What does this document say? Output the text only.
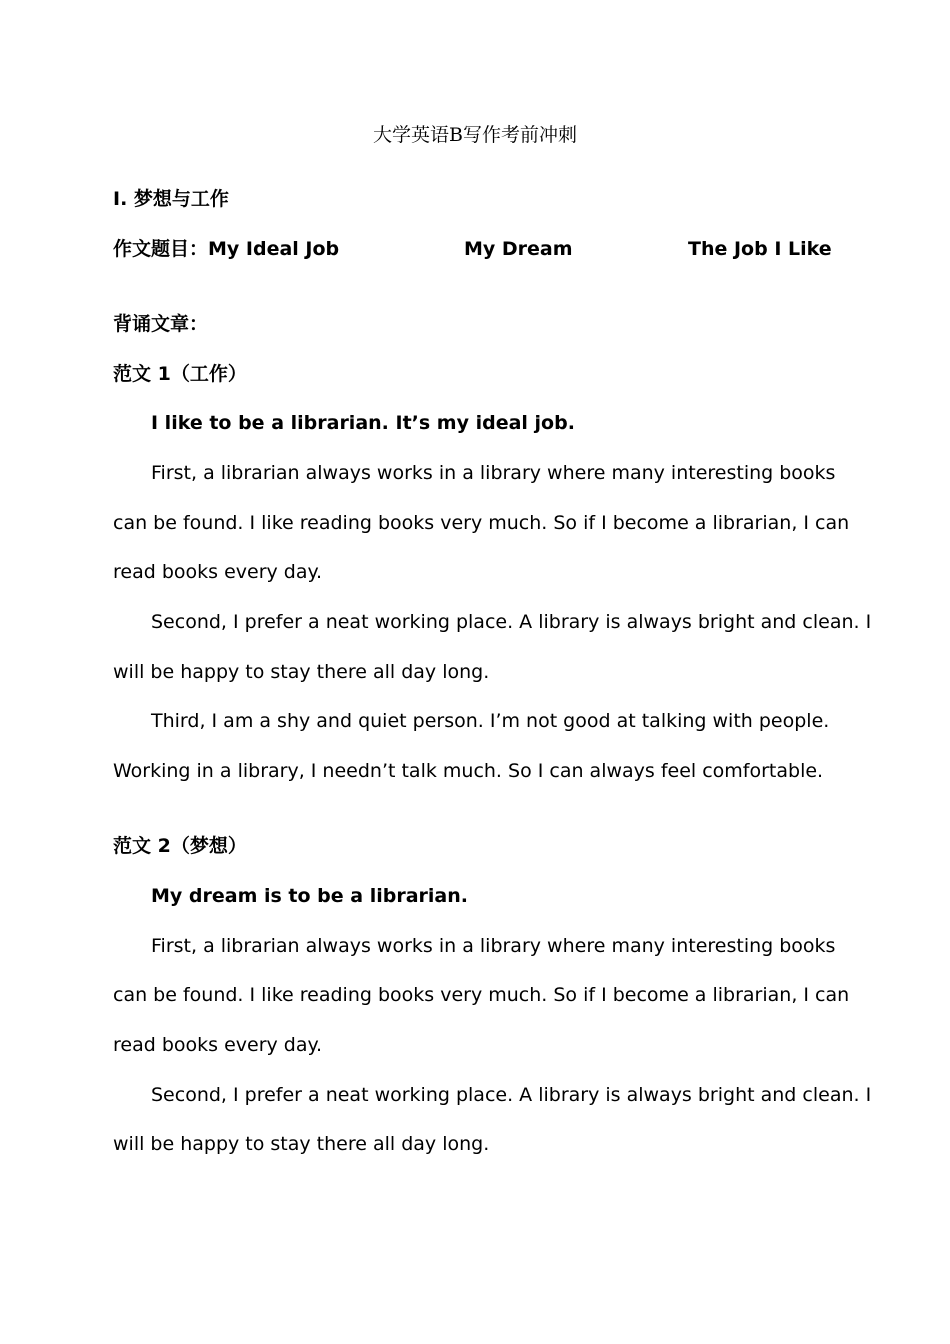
大学英语B写作考前冲刺
I. 梦想与工作
作文题目：My Ideal Job	My Dream	The Job I Like
背诵文章：
范文 1（工作）
I like to be a librarian. It’s my ideal job.
First, a librarian always works in a library where many interesting books
can be found. I like reading books very much. So if I become a librarian, I can
read books every day.
Second, I prefer a neat working place. A library is always bright and clean. I
will be happy to stay there all day long.
Third, I am a shy and quiet person. I’m not good at talking with people.
Working in a library, I needn’t talk much. So I can always feel comfortable.
范文 2（梦想）
My dream is to be a librarian.
First, a librarian always works in a library where many interesting books
can be found. I like reading books very much. So if I become a librarian, I can
read books every day.
Second, I prefer a neat working place. A library is always bright and clean. I
will be happy to stay there all day long.
